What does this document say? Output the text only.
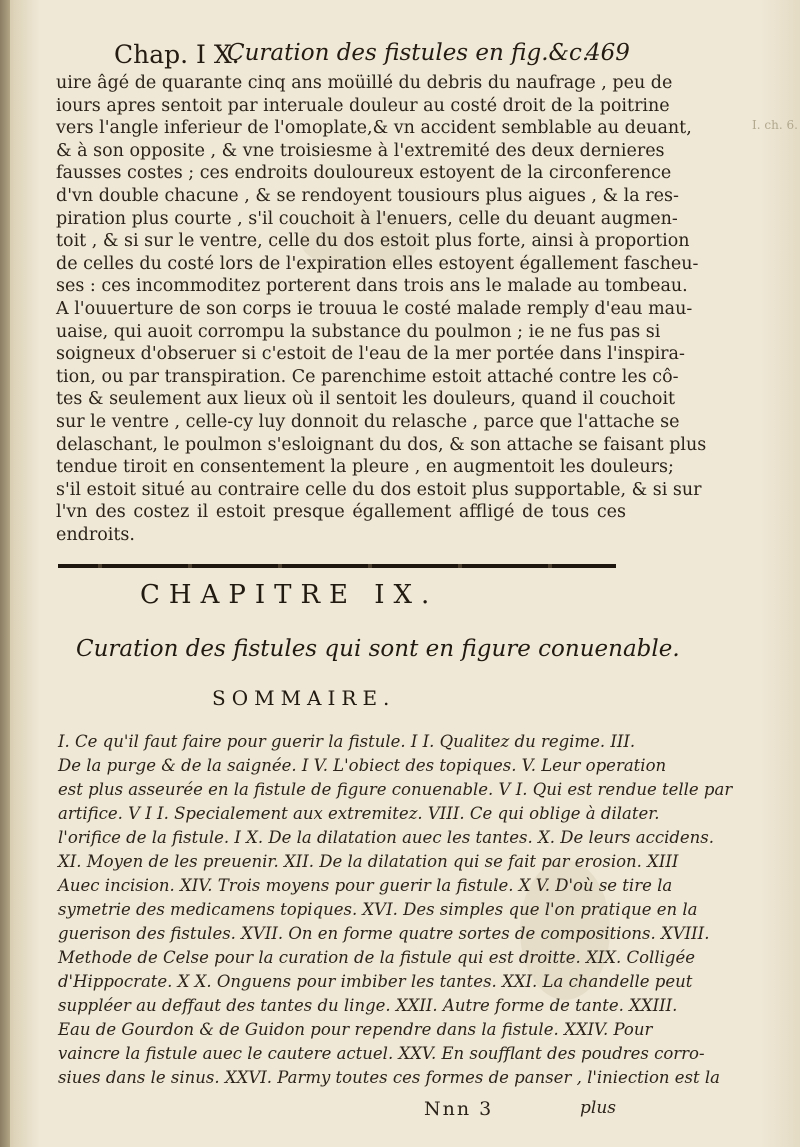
Chap. I X.
Curation des fistules en fig.&c.
469
I. ch. 6.
uire âgé de quarante cinq ans moüillé du debris du naufrage , peu de
iours apres sentoit par interuale douleur au costé droit de la poitrine
vers l'angle inferieur de l'omoplate,& vn accident semblable au deuant,
& à son opposite , & vne troisiesme à l'extremité des deux dernieres
fausses costes ; ces endroits douloureux estoyent de la circonference
d'vn double chacune , & se rendoyent tousiours plus aigues , & la res-
piration plus courte , s'il couchoit à l'enuers, celle du deuant augmen-
toit , & si sur le ventre, celle du dos estoit plus forte, ainsi à proportion
de celles du costé lors de l'expiration elles estoyent égallement fascheu-
ses : ces incommoditez porterent dans trois ans le malade au tombeau.
A l'ouuerture de son corps ie trouua le costé malade remply d'eau mau-
uaise, qui auoit corrompu la substance du poulmon ; ie ne fus pas si
soigneux d'obseruer si c'estoit de l'eau de la mer portée dans l'inspira-
tion, ou par transpiration. Ce parenchime estoit attaché contre les cô-
tes & seulement aux lieux où il sentoit les douleurs, quand il couchoit
sur le ventre , celle-cy luy donnoit du relasche , parce que l'attache se
delaschant, le poulmon s'esloignant du dos, & son attache se faisant plus
tendue tiroit en consentement la pleure , en augmentoit les douleurs;
s'il estoit situé au contraire celle du dos estoit plus supportable, & si sur
l'vn des costez il estoit presque égallement affligé de tous ces
endroits.
CHAPITRE IX.
Curation des fistules qui sont en figure conuenable.
SOMMAIRE.
I. Ce qu'il faut faire pour guerir la fistule. I I. Qualitez du regime. III.
De la purge & de la saignée. I V. L'obiect des topiques. V. Leur operation
est plus asseurée en la fistule de figure conuenable. V I. Qui est rendue telle par
artifice. V I I. Specialement aux extremitez. VIII. Ce qui oblige à dilater.
l'orifice de la fistule. I X. De la dilatation auec les tantes. X. De leurs accidens.
XI. Moyen de les preuenir. XII. De la dilatation qui se fait par erosion. XIII
Auec incision. XIV. Trois moyens pour guerir la fistule. X V. D'où se tire la
symetrie des medicamens topiques. XVI. Des simples que l'on pratique en la
guerison des fistules. XVII. On en forme quatre sortes de compositions. XVIII.
Methode de Celse pour la curation de la fistule qui est droitte. XIX. Colligée
d'Hippocrate. X X. Onguens pour imbiber les tantes. XXI. La chandelle peut
suppléer au deffaut des tantes du linge. XXII. Autre forme de tante. XXIII.
Eau de Gourdon & de Guidon pour rependre dans la fistule. XXIV. Pour
vaincre la fistule auec le cautere actuel. XXV. En soufflant des poudres corro-
siues dans le sinus. XXVI. Parmy toutes ces formes de panser , l'iniection est la
Nnn 3	plus
